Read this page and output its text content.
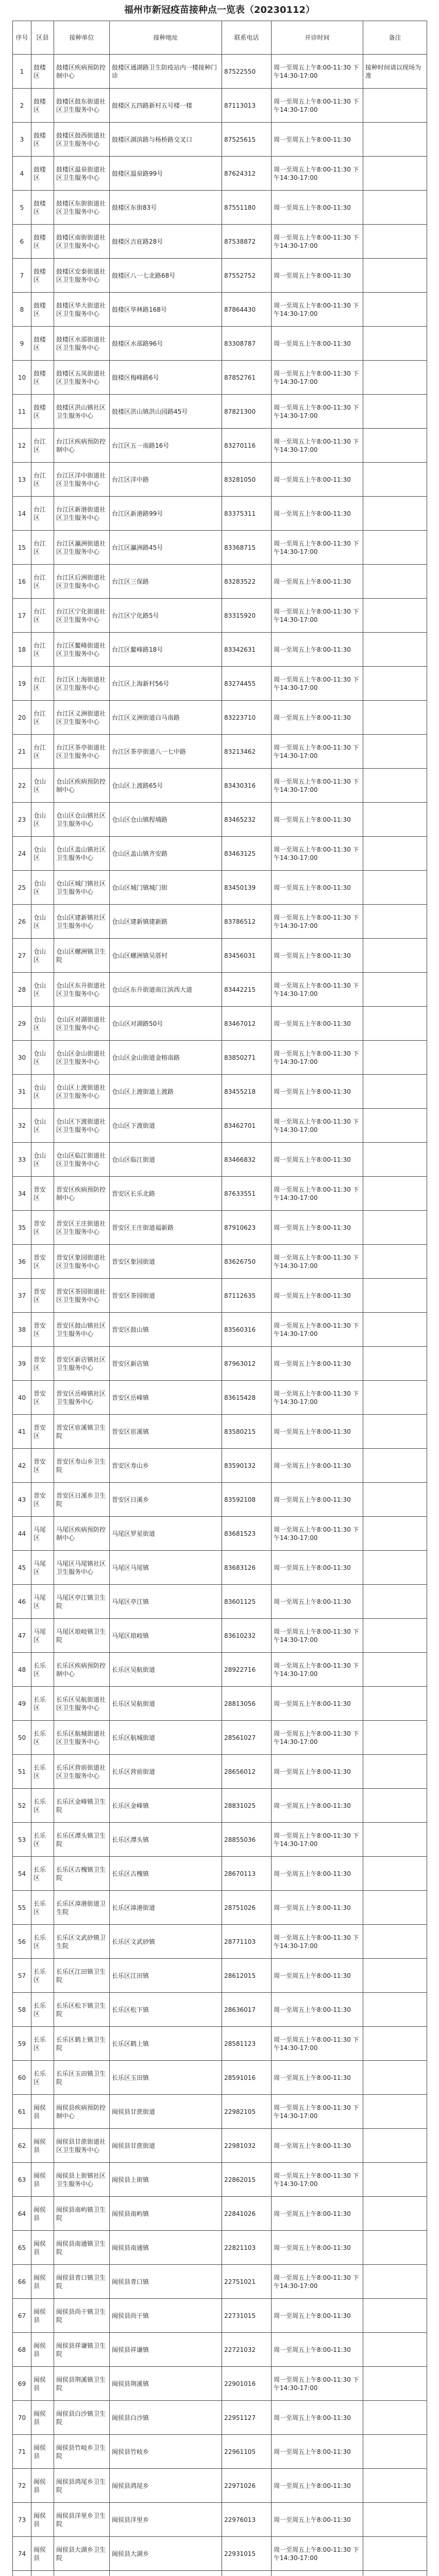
福州市新冠疫苗接种点一览表（20230112）
序号	区县	接种单位	接种地址	联系电话	开诊时间	备注
1	鼓楼区	鼓楼区疾病预防控制中心	鼓楼区通湖路卫生防疫站内一楼接种门诊	87522550	周一至周五上午8:00-11:30 下午14:30-17:00	接种时间请以现场为准
2	鼓楼区	鼓楼区鼓东街道社区卫生服务中心	鼓楼区五四路新村五号楼一楼	87113013	周一至周五上午8:00-11:30 下午14:30-17:00	
3	鼓楼区	鼓楼区鼓西街道社区卫生服务中心	鼓楼区湖滨路与杨桥路交叉口	87525615	周一至周五上午8:00-11:30	
4	鼓楼区	鼓楼区温泉街道社区卫生服务中心	鼓楼区温泉路99号	87624312	周一至周五上午8:00-11:30 下午14:30-17:00	
5	鼓楼区	鼓楼区东街街道社区卫生服务中心	鼓楼区东街83号	87551180	周一至周五上午8:00-11:30	
6	鼓楼区	鼓楼区南街街道社区卫生服务中心	鼓楼区吉庇路28号	87538872	周一至周五上午8:00-11:30 下午14:30-17:00	
7	鼓楼区	鼓楼区安泰街道社区卫生服务中心	鼓楼区八一七北路68号	87552752	周一至周五上午8:00-11:30	
8	鼓楼区	鼓楼区华大街道社区卫生服务中心	鼓楼区华林路168号	87864430	周一至周五上午8:00-11:30 下午14:30-17:00	
9	鼓楼区	鼓楼区水部街道社区卫生服务中心	鼓楼区水部路96号	83308787	周一至周五上午8:00-11:30	
10	鼓楼区	鼓楼区五凤街道社区卫生服务中心	鼓楼区梅峰路6号	87852761	周一至周五上午8:00-11:30 下午14:30-17:00	
11	鼓楼区	鼓楼区洪山镇社区卫生服务中心	鼓楼区洪山镇洪山园路45号	87821300	周一至周五上午8:00-11:30 下午14:30-17:00	
12	台江区	台江区疾病预防控制中心	台江区五一南路16号	83270116	周一至周五上午8:00-11:30 下午14:30-17:00	
13	台江区	台江区洋中街道社区卫生服务中心	台江区洋中路	83281050	周一至周五上午8:00-11:30	
14	台江区	台江区新港街道社区卫生服务中心	台江区新港路99号	83375311	周一至周五上午8:00-11:30	
15	台江区	台江区瀛洲街道社区卫生服务中心	台江区瀛洲路45号	83368715	周一至周五上午8:00-11:30 下午14:30-17:00	
16	台江区	台江区后洲街道社区卫生服务中心	台江区三保路	83283522	周一至周五上午8:00-11:30	
17	台江区	台江区宁化街道社区卫生服务中心	台江区宁化路5号	83315920	周一至周五上午8:00-11:30 下午14:30-17:00	
18	台江区	台江区鳌峰街道社区卫生服务中心	台江区鳌峰路18号	83342631	周一至周五上午8:00-11:30	
19	台江区	台江区上海街道社区卫生服务中心	台江区上海新村56号	83274455	周一至周五上午8:00-11:30 下午14:30-17:00	
20	台江区	台江区义洲街道社区卫生服务中心	台江区义洲街道白马南路	83223710	周一至周五上午8:00-11:30	
21	台江区	台江区茶亭街道社区卫生服务中心	台江区茶亭街道八一七中路	83213462	周一至周五上午8:00-11:30 下午14:30-17:00	
22	仓山区	仓山区疾病预防控制中心	仓山区上渡路65号	83430316	周一至周五上午8:00-11:30 下午14:30-17:00	
23	仓山区	仓山区仓山镇社区卫生服务中心	仓山区仓山镇程埔路	83465232	周一至周五上午8:00-11:30	
24	仓山区	仓山区盖山镇社区卫生服务中心	仓山区盖山镇齐安路	83463125	周一至周五上午8:00-11:30 下午14:30-17:00	
25	仓山区	仓山区城门镇社区卫生服务中心	仓山区城门镇城门街	83450139	周一至周五上午8:00-11:30	
26	仓山区	仓山区建新镇社区卫生服务中心	仓山区建新镇建新路	83786512	周一至周五上午8:00-11:30 下午14:30-17:00	
27	仓山区	仓山区螺洲镇卫生院	仓山区螺洲镇吴厝村	83456031	周一至周五上午8:00-11:30	
28	仓山区	仓山区东升街道社区卫生服务中心	仓山区东升街道南江滨西大道	83442215	周一至周五上午8:00-11:30 下午14:30-17:00	
29	仓山区	仓山区对湖街道社区卫生服务中心	仓山区对湖路50号	83467012	周一至周五上午8:00-11:30	
30	仓山区	仓山区金山街道社区卫生服务中心	仓山区金山街道金榕南路	83850271	周一至周五上午8:00-11:30 下午14:30-17:00	
31	仓山区	仓山区上渡街道社区卫生服务中心	仓山区上渡街道上渡路	83455218	周一至周五上午8:00-11:30	
32	仓山区	仓山区下渡街道社区卫生服务中心	仓山区下渡街道	83462701	周一至周五上午8:00-11:30 下午14:30-17:00	
33	仓山区	仓山区临江街道社区卫生服务中心	仓山区临江街道	83466832	周一至周五上午8:00-11:30	
34	晋安区	晋安区疾病预防控制中心	晋安区长乐北路	87633551	周一至周五上午8:00-11:30 下午14:30-17:00	
35	晋安区	晋安区王庄街道社区卫生服务中心	晋安区王庄街道福新路	87910623	周一至周五上午8:00-11:30	
36	晋安区	晋安区象园街道社区卫生服务中心	晋安区象园街道	83626750	周一至周五上午8:00-11:30 下午14:30-17:00	
37	晋安区	晋安区茶园街道社区卫生服务中心	晋安区茶园街道	87112635	周一至周五上午8:00-11:30	
38	晋安区	晋安区鼓山镇社区卫生服务中心	晋安区鼓山镇	83560316	周一至周五上午8:00-11:30 下午14:30-17:00	
39	晋安区	晋安区新店镇社区卫生服务中心	晋安区新店镇	87963012	周一至周五上午8:00-11:30	
40	晋安区	晋安区岳峰镇社区卫生服务中心	晋安区岳峰镇	83615428	周一至周五上午8:00-11:30 下午14:30-17:00	
41	晋安区	晋安区宦溪镇卫生院	晋安区宦溪镇	83580215	周一至周五上午8:00-11:30	
42	晋安区	晋安区寿山乡卫生院	晋安区寿山乡	83590132	周一至周五上午8:00-11:30	
43	晋安区	晋安区日溪乡卫生院	晋安区日溪乡	83592108	周一至周五上午8:00-11:30	
44	马尾区	马尾区疾病预防控制中心	马尾区罗星街道	83681523	周一至周五上午8:00-11:30 下午14:30-17:00	
45	马尾区	马尾区马尾镇社区卫生服务中心	马尾区马尾镇	83683126	周一至周五上午8:00-11:30	
46	马尾区	马尾区亭江镇卫生院	马尾区亭江镇	83601125	周一至周五上午8:00-11:30	
47	马尾区	马尾区琅岐镇卫生院	马尾区琅岐镇	83610232	周一至周五上午8:00-11:30 下午14:30-17:00	
48	长乐区	长乐区疾病预防控制中心	长乐区吴航街道	28922716	周一至周五上午8:00-11:30 下午14:30-17:00	
49	长乐区	长乐区吴航街道社区卫生服务中心	长乐区吴航街道	28813056	周一至周五上午8:00-11:30	
50	长乐区	长乐区航城街道社区卫生服务中心	长乐区航城街道	28561027	周一至周五上午8:00-11:30 下午14:30-17:00	
51	长乐区	长乐区营前街道社区卫生服务中心	长乐区营前街道	28656012	周一至周五上午8:00-11:30	
52	长乐区	长乐区金峰镇卫生院	长乐区金峰镇	28831025	周一至周五上午8:00-11:30	
53	长乐区	长乐区潭头镇卫生院	长乐区潭头镇	28855036	周一至周五上午8:00-11:30 下午14:30-17:00	
54	长乐区	长乐区古槐镇卫生院	长乐区古槐镇	28670113	周一至周五上午8:00-11:30	
55	长乐区	长乐区漳港街道卫生院	长乐区漳港街道	28751026	周一至周五上午8:00-11:30	
56	长乐区	长乐区文武砂镇卫生院	长乐区文武砂镇	28771103	周一至周五上午8:00-11:30 下午14:30-17:00	
57	长乐区	长乐区江田镇卫生院	长乐区江田镇	28612015	周一至周五上午8:00-11:30	
58	长乐区	长乐区松下镇卫生院	长乐区松下镇	28636017	周一至周五上午8:00-11:30	
59	长乐区	长乐区鹤上镇卫生院	长乐区鹤上镇	28581123	周一至周五上午8:00-11:30 下午14:30-17:00	
60	长乐区	长乐区玉田镇卫生院	长乐区玉田镇	28591016	周一至周五上午8:00-11:30	
61	闽侯县	闽侯县疾病预防控制中心	闽侯县甘蔗街道	22982105	周一至周五上午8:00-11:30 下午14:30-17:00	
62	闽侯县	闽侯县甘蔗街道社区卫生服务中心	闽侯县甘蔗街道	22981032	周一至周五上午8:00-11:30	
63	闽侯县	闽侯县上街镇社区卫生服务中心	闽侯县上街镇	22862015	周一至周五上午8:00-11:30 下午14:30-17:00	
64	闽侯县	闽侯县南屿镇卫生院	闽侯县南屿镇	22841026	周一至周五上午8:00-11:30	
65	闽侯县	闽侯县南通镇卫生院	闽侯县南通镇	22821103	周一至周五上午8:00-11:30	
66	闽侯县	闽侯县青口镇卫生院	闽侯县青口镇	22751021	周一至周五上午8:00-11:30 下午14:30-17:00	
67	闽侯县	闽侯县尚干镇卫生院	闽侯县尚干镇	22731015	周一至周五上午8:00-11:30	
68	闽侯县	闽侯县祥谦镇卫生院	闽侯县祥谦镇	22721032	周一至周五上午8:00-11:30	
69	闽侯县	闽侯县荆溪镇卫生院	闽侯县荆溪镇	22901016	周一至周五上午8:00-11:30 下午14:30-17:00	
70	闽侯县	闽侯县白沙镇卫生院	闽侯县白沙镇	22951127	周一至周五上午8:00-11:30	
71	闽侯县	闽侯县竹岐乡卫生院	闽侯县竹岐乡	22961105	周一至周五上午8:00-11:30	
72	闽侯县	闽侯县鸿尾乡卫生院	闽侯县鸿尾乡	22971026	周一至周五上午8:00-11:30	
73	闽侯县	闽侯县洋里乡卫生院	闽侯县洋里乡	22976013	周一至周五上午8:00-11:30	
74	闽侯县	闽侯县大湖乡卫生院	闽侯县大湖乡	22931015	周一至周五上午8:00-11:30 下午14:30-17:00	
